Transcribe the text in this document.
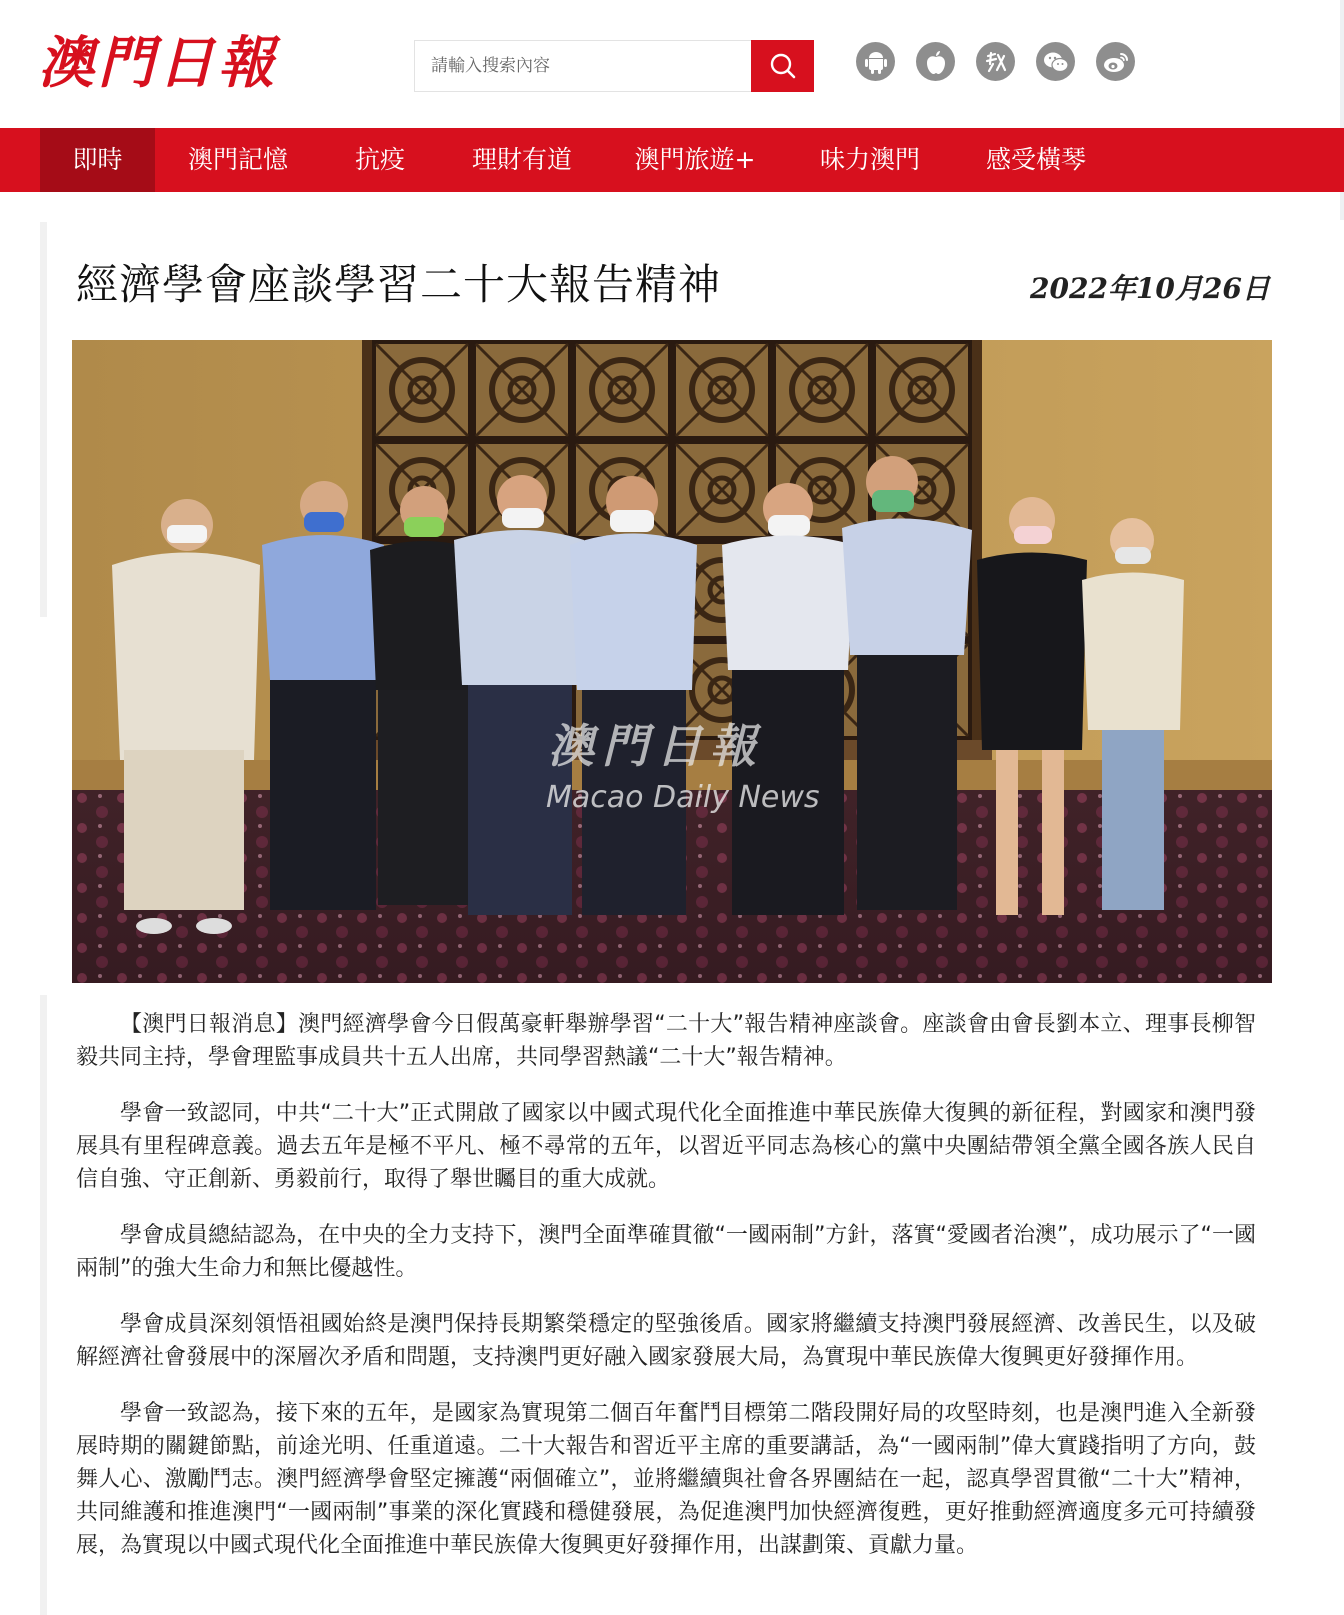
澳門日報
請輸入搜索內容
即時	澳門記憶	抗疫	理財有道	澳門旅遊+	味力澳門	感受橫琴
經濟學會座談學習二十大報告精神	2022年10月26日
澳門日報
Macao Daily News

【澳門日報消息】澳門經濟學會今日假萬豪軒舉辦學習“二十大”報告精神座談會。座談會由會長劉本立、理事長柳智毅共同主持，學會理監事成員共十五人出席，共同學習熱議“二十大”報告精神。

學會一致認同，中共“二十大”正式開啟了國家以中國式現代化全面推進中華民族偉大復興的新征程，對國家和澳門發展具有里程碑意義。過去五年是極不平凡、極不尋常的五年，以習近平同志為核心的黨中央團結帶領全黨全國各族人民自信自強、守正創新、勇毅前行，取得了舉世矚目的重大成就。

學會成員總結認為，在中央的全力支持下，澳門全面準確貫徹“一國兩制”方針，落實“愛國者治澳”，成功展示了“一國兩制”的強大生命力和無比優越性。

學會成員深刻領悟祖國始終是澳門保持長期繁榮穩定的堅強後盾。國家將繼續支持澳門發展經濟、改善民生，以及破解經濟社會發展中的深層次矛盾和問題，支持澳門更好融入國家發展大局，為實現中華民族偉大復興更好發揮作用。

學會一致認為，接下來的五年，是國家為實現第二個百年奮鬥目標第二階段開好局的攻堅時刻，也是澳門進入全新發展時期的關鍵節點，前途光明、任重道遠。二十大報告和習近平主席的重要講話，為“一國兩制”偉大實踐指明了方向，鼓舞人心、激勵鬥志。澳門經濟學會堅定擁護“兩個確立”，並將繼續與社會各界團結在一起，認真學習貫徹“二十大”精神，共同維護和推進澳門“一國兩制”事業的深化實踐和穩健發展，為促進澳門加快經濟復甦，更好推動經濟適度多元可持續發展，為實現以中國式現代化全面推進中華民族偉大復興更好發揮作用，出謀劃策、貢獻力量。
